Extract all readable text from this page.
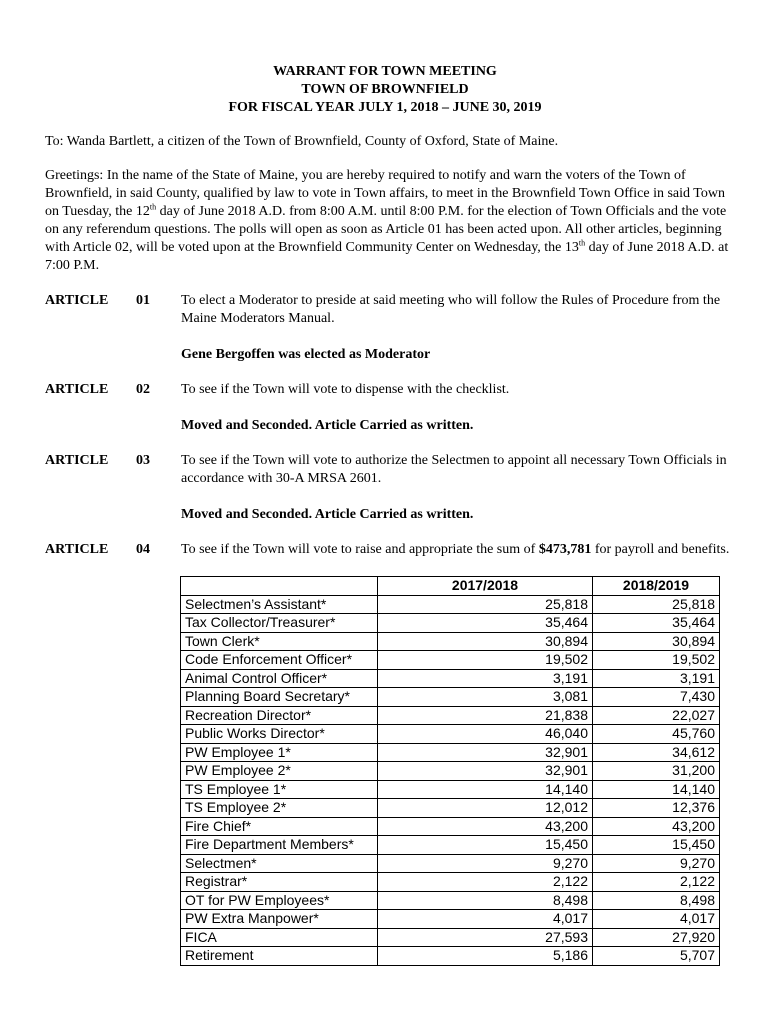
WARRANT FOR TOWN MEETING
TOWN OF BROWNFIELD
FOR FISCAL YEAR JULY 1, 2018 – JUNE 30, 2019
To: Wanda Bartlett, a citizen of the Town of Brownfield, County of Oxford, State of Maine.
Greetings: In the name of the State of Maine, you are hereby required to notify and warn the voters of the Town of Brownfield, in said County, qualified by law to vote in Town affairs, to meet in the Brownfield Town Office in said Town on Tuesday, the 12th day of June 2018 A.D. from 8:00 A.M. until 8:00 P.M. for the election of Town Officials and the vote on any referendum questions. The polls will open as soon as Article 01 has been acted upon. All other articles, beginning with Article 02, will be voted upon at the Brownfield Community Center on Wednesday, the 13th day of June 2018 A.D. at 7:00 P.M.
ARTICLE 01 To elect a Moderator to preside at said meeting who will follow the Rules of Procedure from the Maine Moderators Manual.
Gene Bergoffen was elected as Moderator
ARTICLE 02 To see if the Town will vote to dispense with the checklist.
Moved and Seconded. Article Carried as written.
ARTICLE 03 To see if the Town will vote to authorize the Selectmen to appoint all necessary Town Officials in accordance with 30-A MRSA 2601.
Moved and Seconded. Article Carried as written.
ARTICLE 04 To see if the Town will vote to raise and appropriate the sum of $473,781 for payroll and benefits.
	2017/2018	2018/2019
Selectmen’s Assistant*	25,818	25,818
Tax Collector/Treasurer*	35,464	35,464
Town Clerk*	30,894	30,894
Code Enforcement Officer*	19,502	19,502
Animal Control Officer*	3,191	3,191
Planning Board Secretary*	3,081	7,430
Recreation Director*	21,838	22,027
Public Works Director*	46,040	45,760
PW Employee 1*	32,901	34,612
PW Employee 2*	32,901	31,200
TS Employee 1*	14,140	14,140
TS Employee 2*	12,012	12,376
Fire Chief*	43,200	43,200
Fire Department Members*	15,450	15,450
Selectmen*	9,270	9,270
Registrar*	2,122	2,122
OT for PW Employees*	8,498	8,498
PW Extra Manpower*	4,017	4,017
FICA	27,593	27,920
Retirement	5,186	5,707
